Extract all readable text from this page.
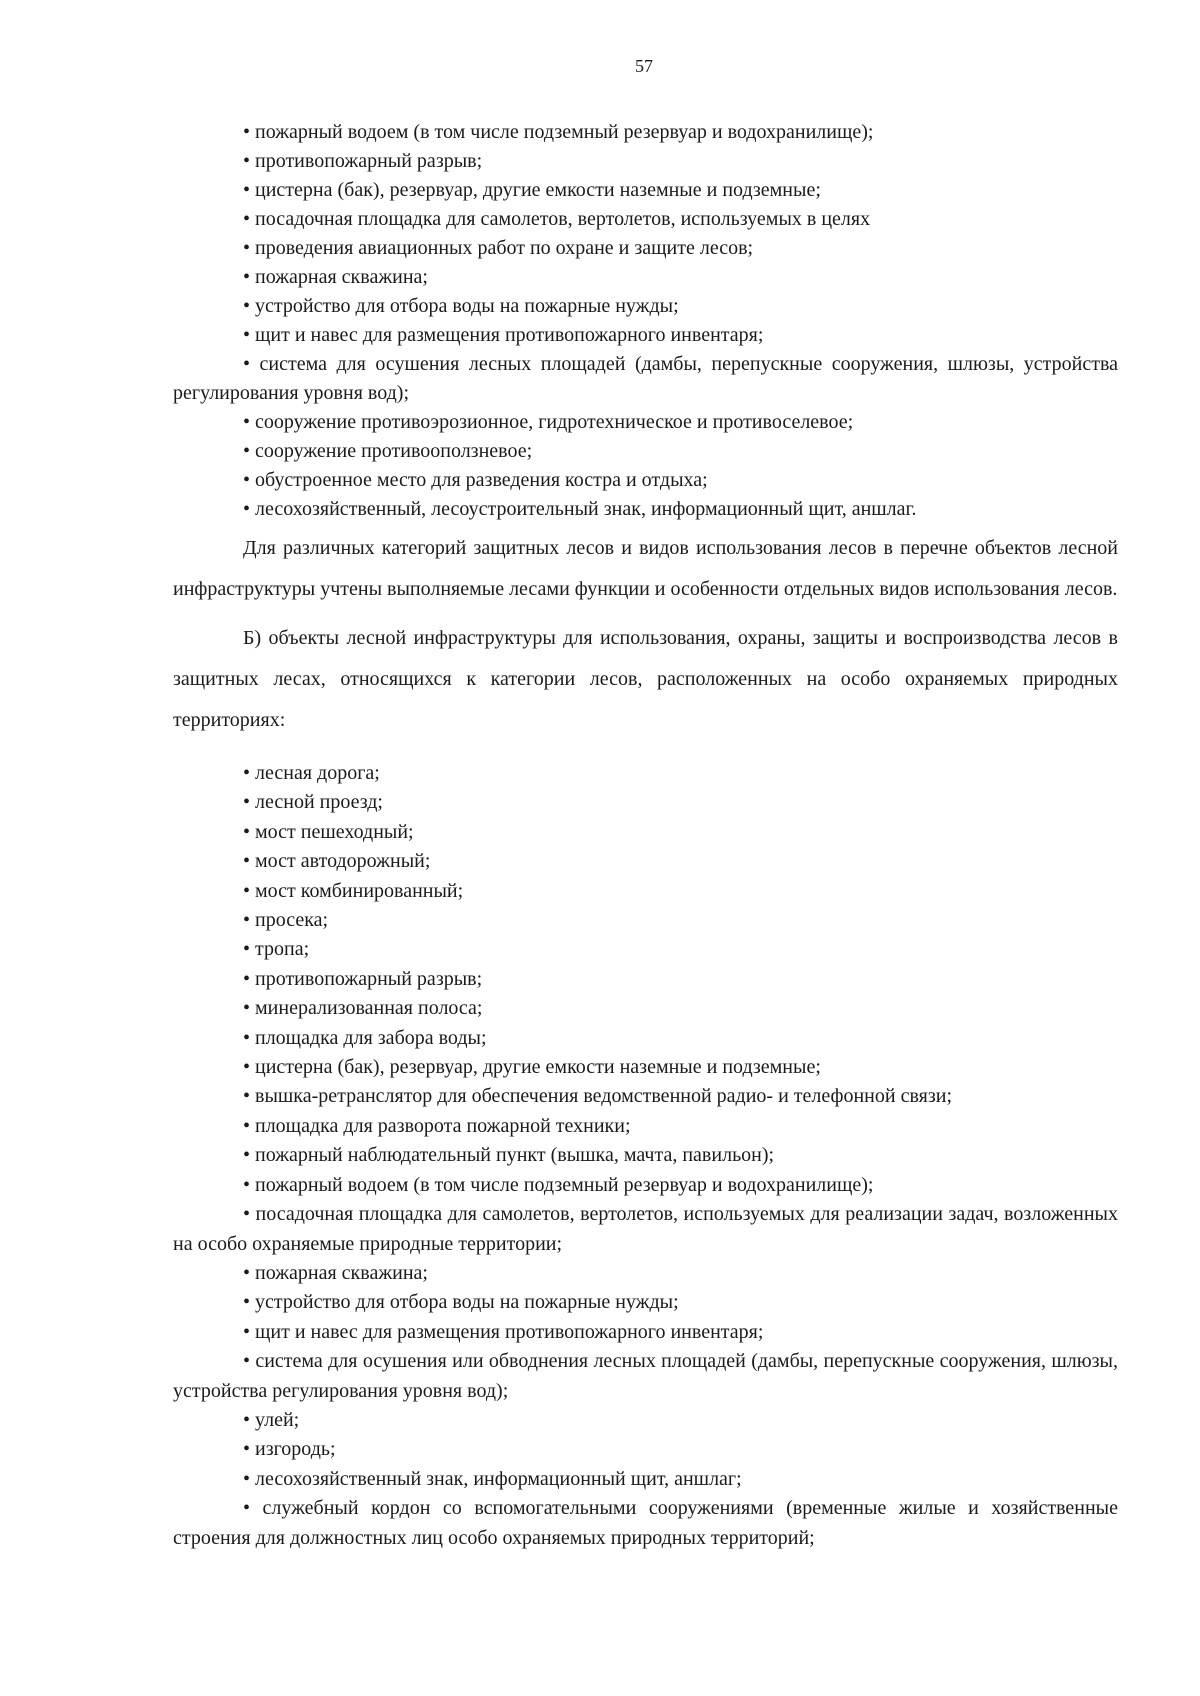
57

• пожарный водоем (в том числе подземный резервуар и водохранилище);

• противопожарный разрыв;

• цистерна (бак), резервуар, другие емкости наземные и подземные;

• посадочная площадка для самолетов, вертолетов, используемых в целях

• проведения авиационных работ по охране и защите лесов;

• пожарная скважина;

• устройство для отбора воды на пожарные нужды;

• щит и навес для размещения противопожарного инвентаря;

• система для осушения лесных площадей (дамбы, перепускные сооружения, шлюзы, устройства регулирования уровня вод);

• сооружение противоэрозионное, гидротехническое и противоселевое;

• сооружение противооползневое;

• обустроенное место для разведения костра и отдыха;

• лесохозяйственный, лесоустроительный знак, информационный щит, аншлаг.

Для различных категорий защитных лесов и видов использования лесов в перечне объектов лесной инфраструктуры учтены выполняемые лесами функции и особенности отдельных видов использования лесов.

Б) объекты лесной инфраструктуры для использования, охраны, защиты и воспроизводства лесов в защитных лесах, относящихся к категории лесов, расположенных на особо охраняемых природных территориях:

• лесная дорога;

• лесной проезд;

• мост пешеходный;

• мост автодорожный;

• мост комбинированный;

• просека;

• тропа;

• противопожарный разрыв;

• минерализованная полоса;

• площадка для забора воды;

• цистерна (бак), резервуар, другие емкости наземные и подземные;

• вышка-ретранслятор для обеспечения ведомственной радио- и телефонной связи;

• площадка для разворота пожарной техники;

• пожарный наблюдательный пункт (вышка, мачта, павильон);

• пожарный водоем (в том числе подземный резервуар и водохранилище);

• посадочная площадка для самолетов, вертолетов, используемых для реализации задач, возложенных на особо охраняемые природные территории;

• пожарная скважина;

• устройство для отбора воды на пожарные нужды;

• щит и навес для размещения противопожарного инвентаря;

• система для осушения или обводнения лесных площадей (дамбы, перепускные сооружения, шлюзы, устройства регулирования уровня вод);

• улей;

• изгородь;

• лесохозяйственный знак, информационный щит, аншлаг;

• служебный кордон со вспомогательными сооружениями (временные жилые и хозяйственные строения для должностных лиц особо охраняемых природных территорий;
